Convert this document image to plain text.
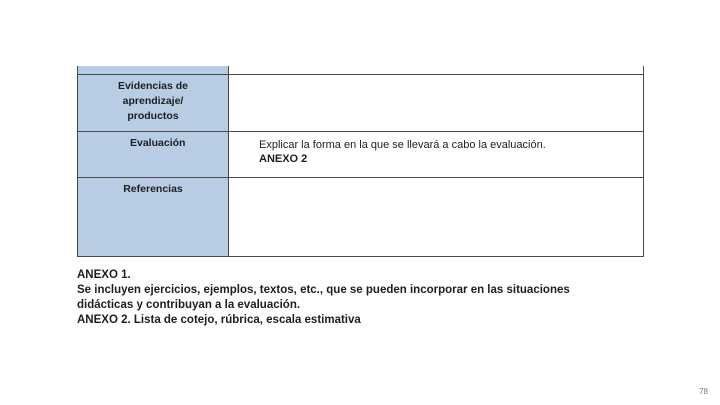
Evidencias de
aprendizaje/
productos	

Evaluación	Explicar la forma en la que se llevará a cabo la evaluación.
ANEXO 2

Referencias	

ANEXO 1.
Se incluyen ejercicios, ejemplos, textos, etc., que se pueden incorporar en las situaciones
didácticas y contribuyan a la evaluación.
ANEXO 2. Lista de cotejo, rúbrica, escala estimativa
78
